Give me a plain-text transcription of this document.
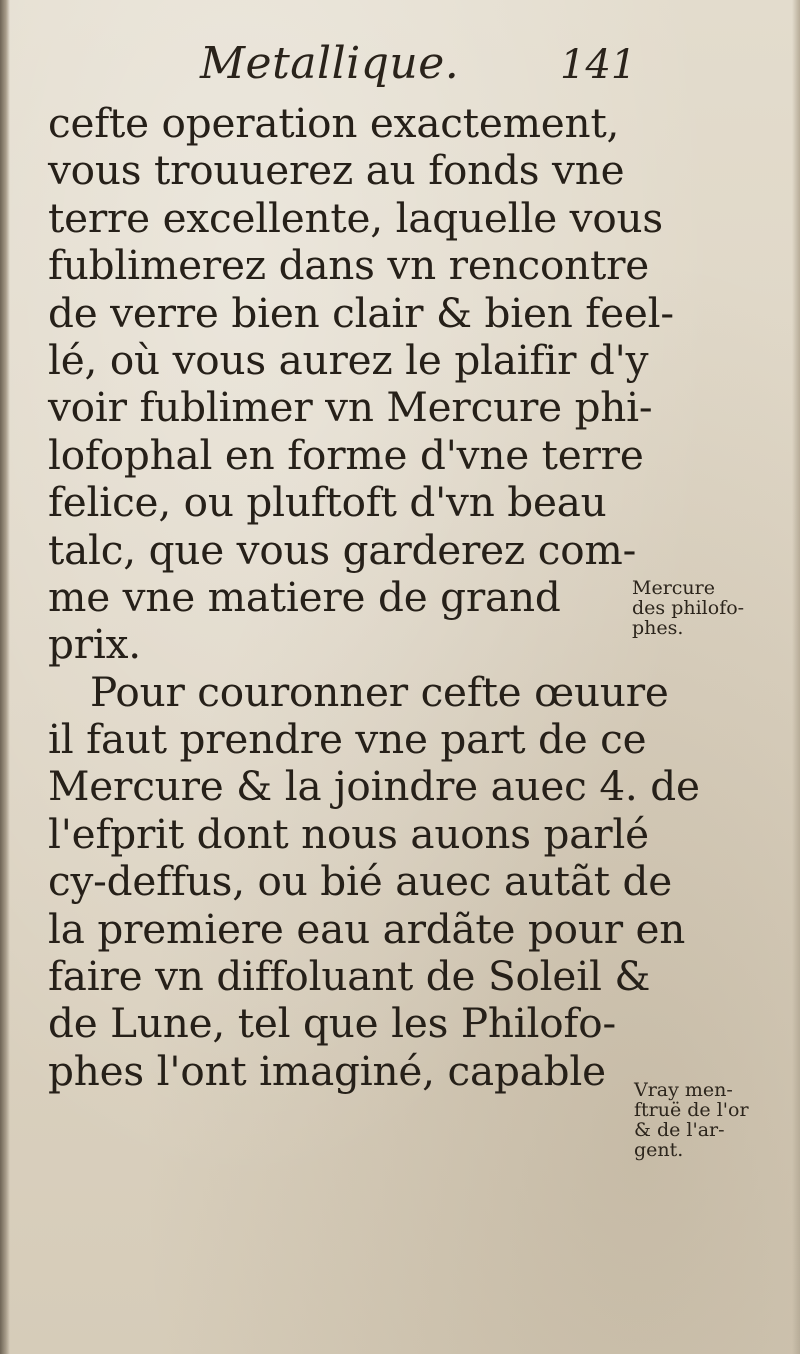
Metallique.	141
cefte operation exactement,
vous trouuerez au fonds vne
terre excellente, laquelle vous
fublimerez dans vn rencontre
de verre bien clair & bien feel-
lé, où vous aurez le plaifir d'y
voir fublimer vn Mercure phi-
lofophal en forme d'vne terre
felice, ou pluftoft d'vn beau
talc, que vous garderez com-
me vne matiere de grand
prix.
Pour couronner cefte œuure
il faut prendre vne part de ce
Mercure & la joindre auec 4. de
l'efprit dont nous auons parlé
cy-deffus, ou bié auec autãt de
la premiere eau ardãte pour en
faire vn diffoluant de Soleil &
de Lune, tel que les Philofo-
phes l'ont imaginé, capable
Mercure
des philofo-
phes.
Vray men-
ftruë de l'or
& de l'ar-
gent.
